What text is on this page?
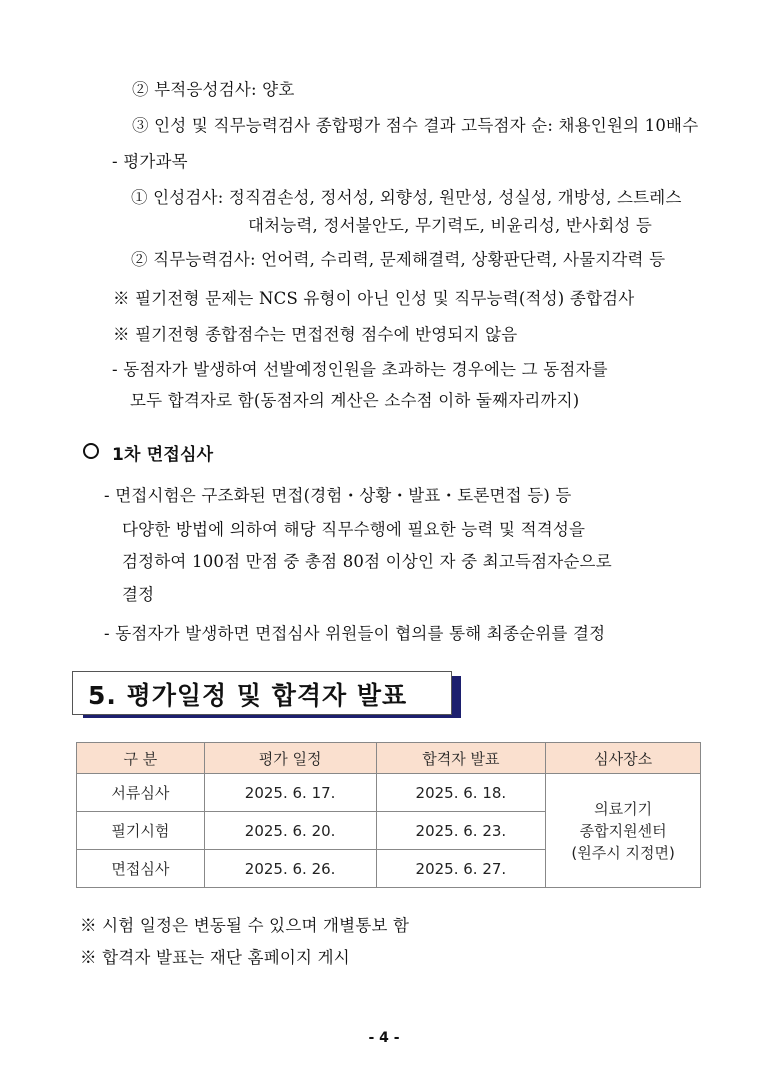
② 부적응성검사: 양호
③ 인성 및 직무능력검사 종합평가 점수 결과 고득점자 순: 채용인원의 10배수
- 평가과목
① 인성검사: 정직겸손성, 정서성, 외향성, 원만성, 성실성, 개방성, 스트레스
대처능력, 정서불안도, 무기력도, 비윤리성, 반사회성 등
② 직무능력검사: 언어력, 수리력, 문제해결력, 상황판단력, 사물지각력 등
※ 필기전형 문제는 NCS 유형이 아닌 인성 및 직무능력(적성) 종합검사
※ 필기전형 종합점수는 면접전형 점수에 반영되지 않음
- 동점자가 발생하여 선발예정인원을 초과하는 경우에는 그 동점자를
모두 합격자로 함(동점자의 계산은 소수점 이하 둘째자리까지)
1차 면접심사
- 면접시험은 구조화된 면접(경험・상황・발표・토론면접 등) 등
다양한 방법에 의하여 해당 직무수행에 필요한 능력 및 적격성을
검정하여 100점 만점 중 총점 80점 이상인 자 중 최고득점자순으로
결정
- 동점자가 발생하면 면접심사 위원들이 협의를 통해 최종순위를 결정
5. 평가일정 및 합격자 발표
구 분	평가 일정	합격자 발표	심사장소
서류심사	2025. 6. 17.	2025. 6. 18.	의료기기
종합지원센터
(원주시 지정면)

필기시험	2025. 6. 20.	2025. 6. 23.	
면접심사	2025. 6. 26.	2025. 6. 27.	
※ 시험 일정은 변동될 수 있으며 개별통보 함
※ 합격자 발표는 재단 홈페이지 게시
- 4 -
